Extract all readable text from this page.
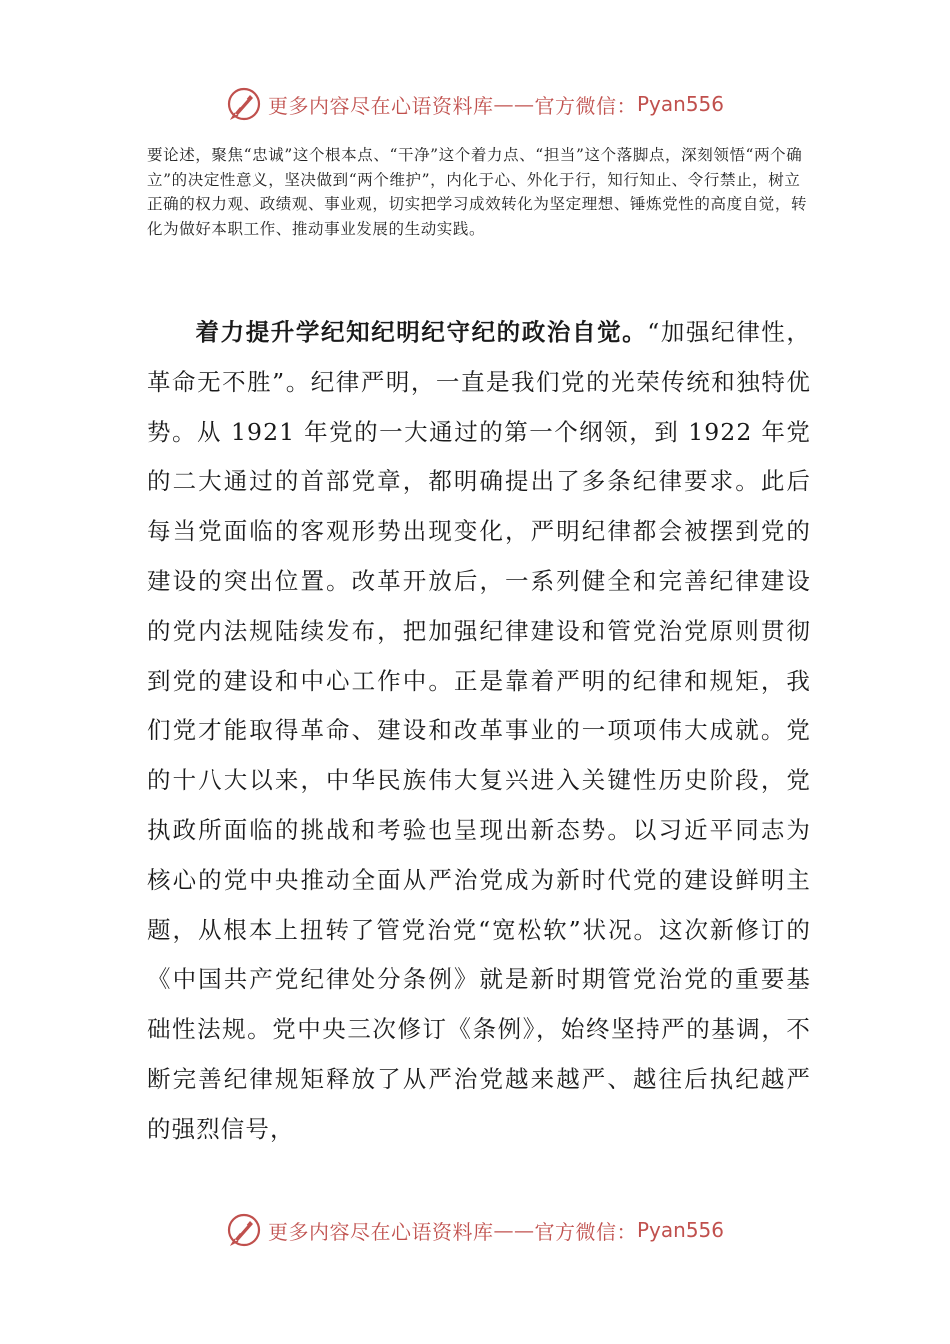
更多内容尽在心语资料库 —— 官方微信： Pyan556

要论述，聚焦“忠诚”这个根本点、“干净”这个着力点、“担当”这个落脚点，深刻领悟“两个确立”的决定性意义，坚决做到“两个维护”，内化于心、外化于行，知行知止、令行禁止，树立正确的权力观、政绩观、事业观，切实把学习成效转化为坚定理想、锤炼党性的高度自觉，转化为做好本职工作、推动事业发展的生动实践。

着力提升学纪知纪明纪守纪的政治自觉。“加强纪律性，革命无不胜”。纪律严明，一直是我们党的光荣传统和独特优势。从 1921 年党的一大通过的第一个纲领，到 1922 年党的二大通过的首部党章，都明确提出了多条纪律要求。此后每当党面临的客观形势出现变化，严明纪律都会被摆到党的建设的突出位置。改革开放后，一系列健全和完善纪律建设的党内法规陆续发布，把加强纪律建设和管党治党原则贯彻到党的建设和中心工作中。正是靠着严明的纪律和规矩，我们党才能取得革命、建设和改革事业的一项项伟大成就。党的十八大以来，中华民族伟大复兴进入关键性历史阶段，党执政所面临的挑战和考验也呈现出新态势。以习近平同志为核心的党中央推动全面从严治党成为新时代党的建设鲜明主题，从根本上扭转了管党治党“宽松软”状况。这次新修订的《中国共产党纪律处分条例》就是新时期管党治党的重要基础性法规。党中央三次修订《条例》，始终坚持严的基调，不断完善纪律规矩释放了从严治党越来越严、越往后执纪越严的强烈信号，

更多内容尽在心语资料库 —— 官方微信： Pyan556
